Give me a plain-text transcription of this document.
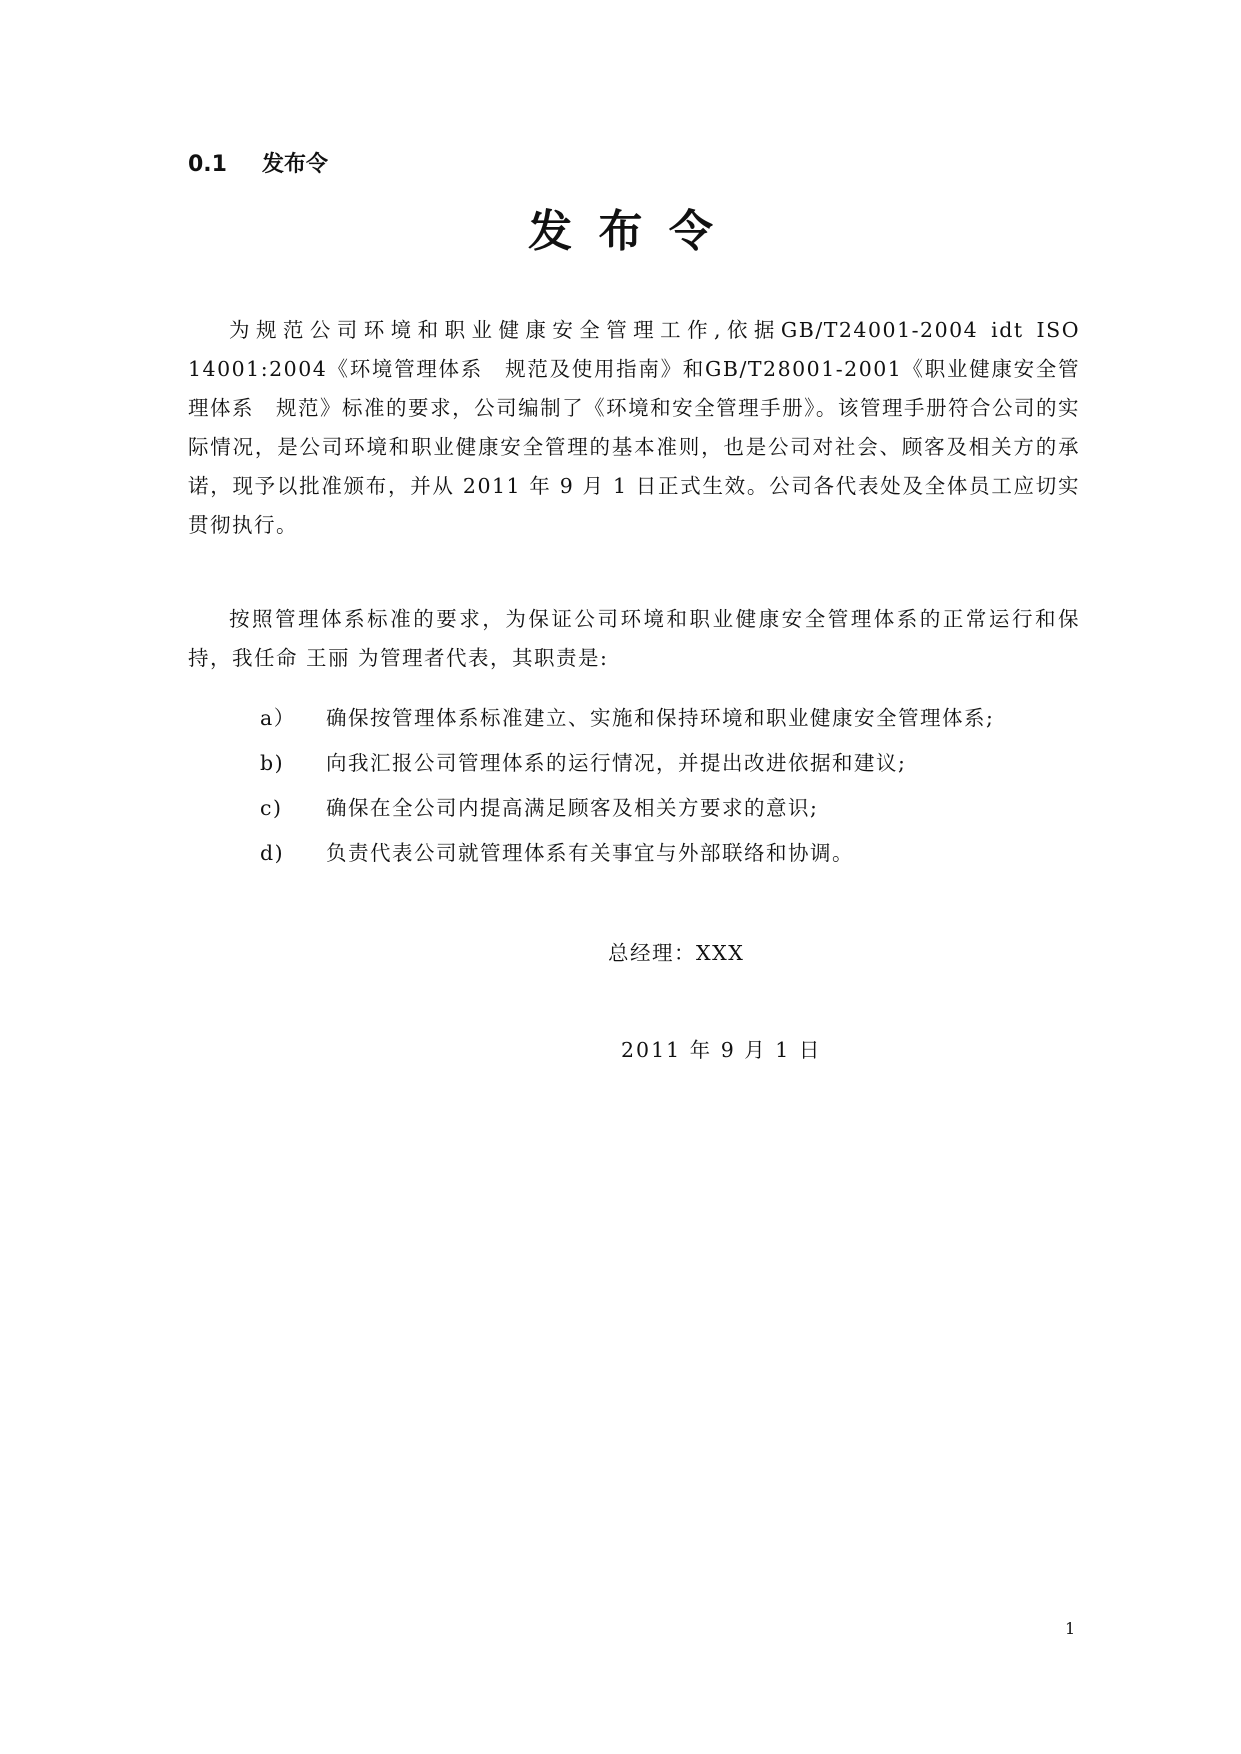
0.1 发布令
发布令

为规范公司环境和职业健康安全管理工作,依据GB/T24001-2004 idt ISO 14001:2004《环境管理体系　规范及使用指南》和GB/T28001-2001《职业健康安全管理体系　规范》标准的要求，公司编制了《环境和安全管理手册》。该管理手册符合公司的实际情况，是公司环境和职业健康安全管理的基本准则，也是公司对社会、顾客及相关方的承诺，现予以批准颁布，并从 2011 年 9 月 1 日正式生效。公司各代表处及全体员工应切实贯彻执行。

按照管理体系标准的要求，为保证公司环境和职业健康安全管理体系的正常运行和保持，我任命 王丽 为管理者代表，其职责是:

a） 确保按管理体系标准建立、实施和保持环境和职业健康安全管理体系;
b) 向我汇报公司管理体系的运行情况，并提出改进依据和建议;
c) 确保在全公司内提高满足顾客及相关方要求的意识;
d) 负责代表公司就管理体系有关事宜与外部联络和协调。
总经理：XXX
2011 年 9 月 1 日
1
